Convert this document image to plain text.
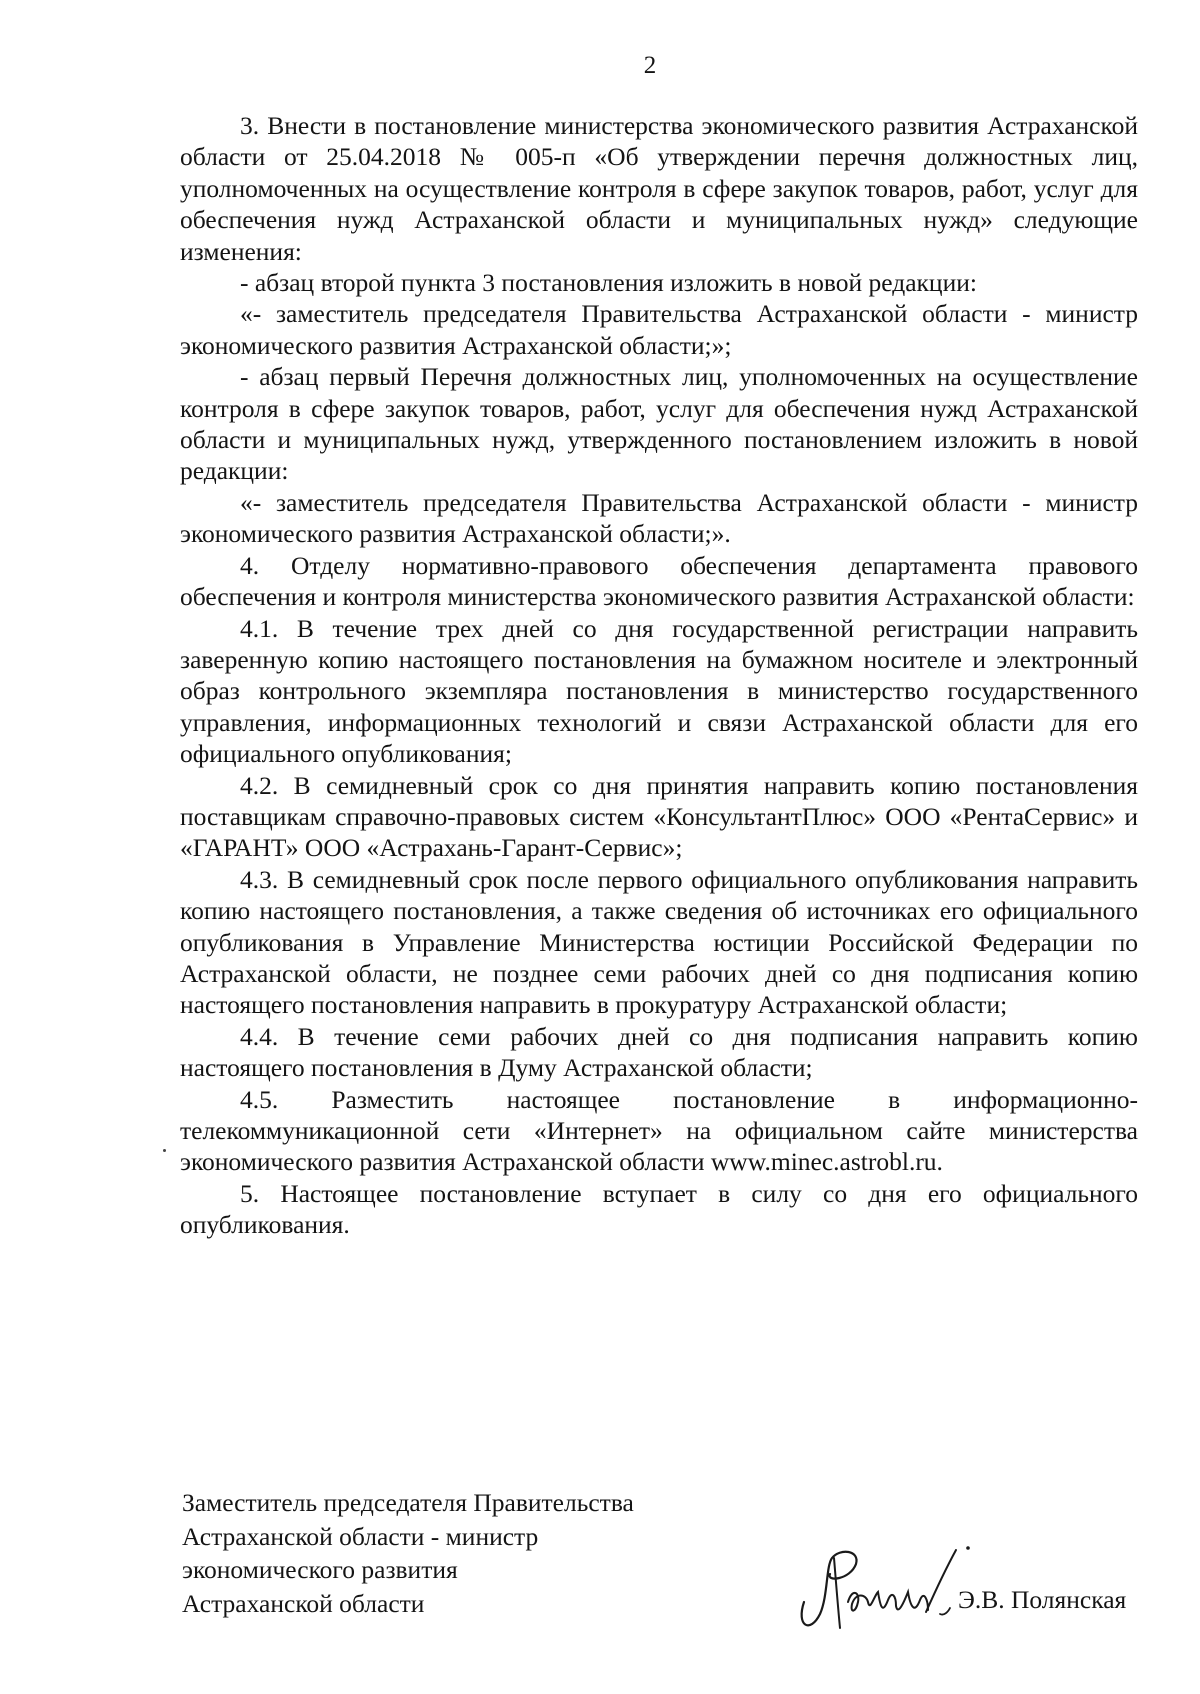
2

3. Внести в постановление министерства экономического развития Астраханской области от 25.04.2018 № 005-п «Об утверждении перечня должностных лиц, уполномоченных на осуществление контроля в сфере закупок товаров, работ, услуг для обеспечения нужд Астраханской области и муниципальных нужд» следующие изменения:

- абзац второй пункта 3 постановления изложить в новой редакции:

«- заместитель председателя Правительства Астраханской области - министр экономического развития Астраханской области;»;

- абзац первый Перечня должностных лиц, уполномоченных на осуществление контроля в сфере закупок товаров, работ, услуг для обеспечения нужд Астраханской области и муниципальных нужд, утвержденного постановлением изложить в новой редакции:

«- заместитель председателя Правительства Астраханской области - министр экономического развития Астраханской области;».

4. Отделу нормативно-правового обеспечения департамента правового обеспечения и контроля министерства экономического развития Астраханской области:

4.1. В течение трех дней со дня государственной регистрации направить заверенную копию настоящего постановления на бумажном носителе и электронный образ контрольного экземпляра постановления в министерство государственного управления, информационных технологий и связи Астраханской области для его официального опубликования;

4.2. В семидневный срок со дня принятия направить копию постановления поставщикам справочно-правовых систем «КонсультантПлюс» ООО «РентаСервис» и «ГАРАНТ» ООО «Астрахань-Гарант-Сервис»;

4.3. В семидневный срок после первого официального опубликования направить копию настоящего постановления, а также сведения об источниках его официального опубликования в Управление Министерства юстиции Российской Федерации по Астраханской области, не позднее семи рабочих дней со дня подписания копию настоящего постановления направить в прокуратуру Астраханской области;

4.4. В течение семи рабочих дней со дня подписания направить копию настоящего постановления в Думу Астраханской области;

4.5. Разместить настоящее постановление в информационно-телекоммуникационной сети «Интернет» на официальном сайте министерства экономического развития Астраханской области www.minec.astrobl.ru.

5. Настоящее постановление вступает в силу со дня его официального опубликования.

Заместитель председателя Правительства
Астраханской области - министр
экономического развития
Астраханской области	Э.В. Полянская
